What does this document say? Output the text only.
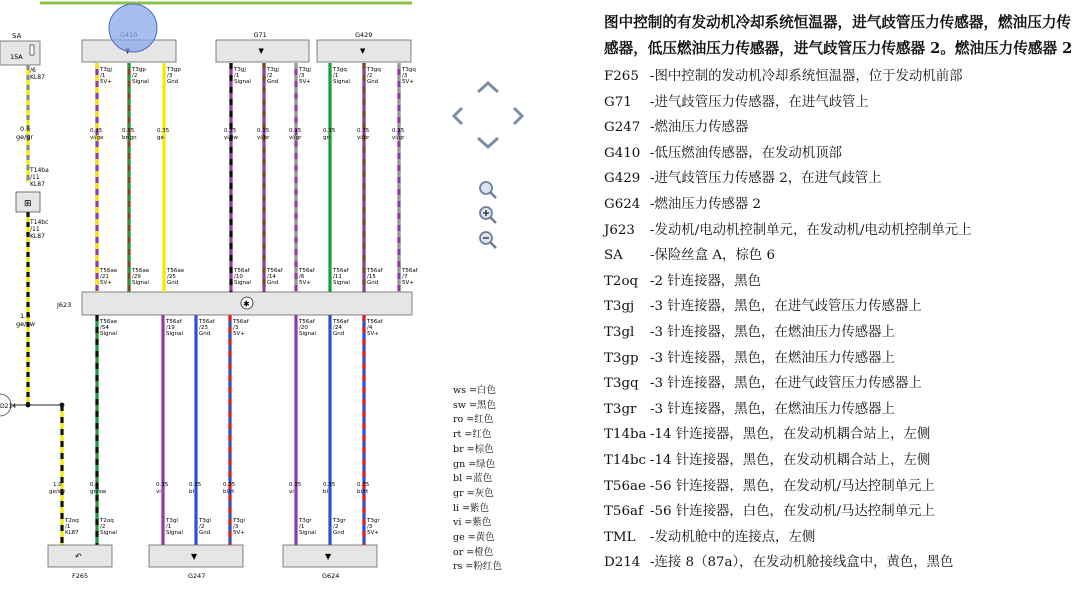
SA
15A
/6
KL87
0.5
ge/gr
T14ba
/11
KL87
⊞
T14bc
/11
KL87
1.0
ge/sw
D214
J623	✱
G71
▼
G429
▼
T3gj
/1
5V+
0.35
vi/ge
T56ae
/21
5V+
T3gp
/2
Signal
0.35
br/gn
T56ae
/29
Signal
T3gp
/3
Gnd
0.35
ge
T56ae
/25
Gnd
T3gj
/1
Signal
0.35
vi/sw
T56af
/10
Signal
T3gj
/2
Gnd
0.35
vi/br
T56af
/14
Gnd
T3gj
/3
5V+
0.35
vi/gr
T56af
/6
5V+
T3gq
/1
Signal
0.35
gn
T56af
/11
Signal
T3gq
/2
Gnd
0.35
vi/br
T56af
/15
Gnd
T3gq
/3
5V+
0.35
vi/gr
T56af
/7
5V+
T56ae
/54
Signal
0.5
gn/sw
T2oq
/2
Signal
T56af
/19
Signal
0.35
vi
T3gl
/1
Signal
T56af
/23
Gnd
0.35
bl
T3gl
/2
Gnd
T56af
/3
5V+
0.35
bl/rt
T3gl
/3
5V+
T56af
/20
Signal
0.35
vi
T3gr
/1
Signal
T56af
/24
Gnd
0.35
bl
T3gr
/2
Gnd
T56af
/4
5V+
0.35
bl/rt
T3gr
/3
5V+
1.0
ge/sw
T2oq
/1
KL87
↶
F265
▼
G247
▼
G624
ws =白色
sw =黑色
ro =红色
rt =红色
br =棕色
gn =绿色
bl =蓝色
gr =灰色
li =紫色
vi =紫色
ge =黄色
or =橙色
rs =粉红色
图中控制的有发动机冷却系统恒温器，进气歧管压力传感器，燃油压力传感器，低压燃油压力传感器，进气歧管压力传感器 2。燃油压力传感器 2
F265 -图中控制的发动机冷却系统恒温器，位于发动机前部
G71	-进气歧管压力传感器，在进气歧管上
G247 -燃油压力传感器
G410 -低压燃油传感器，在发动机顶部
G429 -进气歧管压力传感器 2，在进气歧管上
G624 -燃油压力传感器 2
J623	-发动机/电动机控制单元，在发动机/电动机控制单元上
SA	-保险丝盒 A，棕色 6
T2oq -2 针连接器，黑色
T3gj	-3 针连接器，黑色，在进气歧管压力传感器上
T3gl	-3 针连接器，黑色，在燃油压力传感器上
T3gp -3 针连接器，黑色，在燃油压力传感器上
T3gq -3 针连接器，黑色，在进气歧管压力传感器上
T3gr	-3 针连接器，黑色，在燃油压力传感器上
T14ba -14 针连接器，黑色，在发动机耦合站上，左侧
T14bc -14 针连接器，黑色，在发动机耦合站上，左侧
T56ae -56 针连接器，黑色，在发动机/马达控制单元上
T56af -56 针连接器，白色，在发动机/马达控制单元上
TML	-发动机舱中的连接点，左侧
D214 -连接 8（87a），在发动机舱接线盒中，黄色，黑色
